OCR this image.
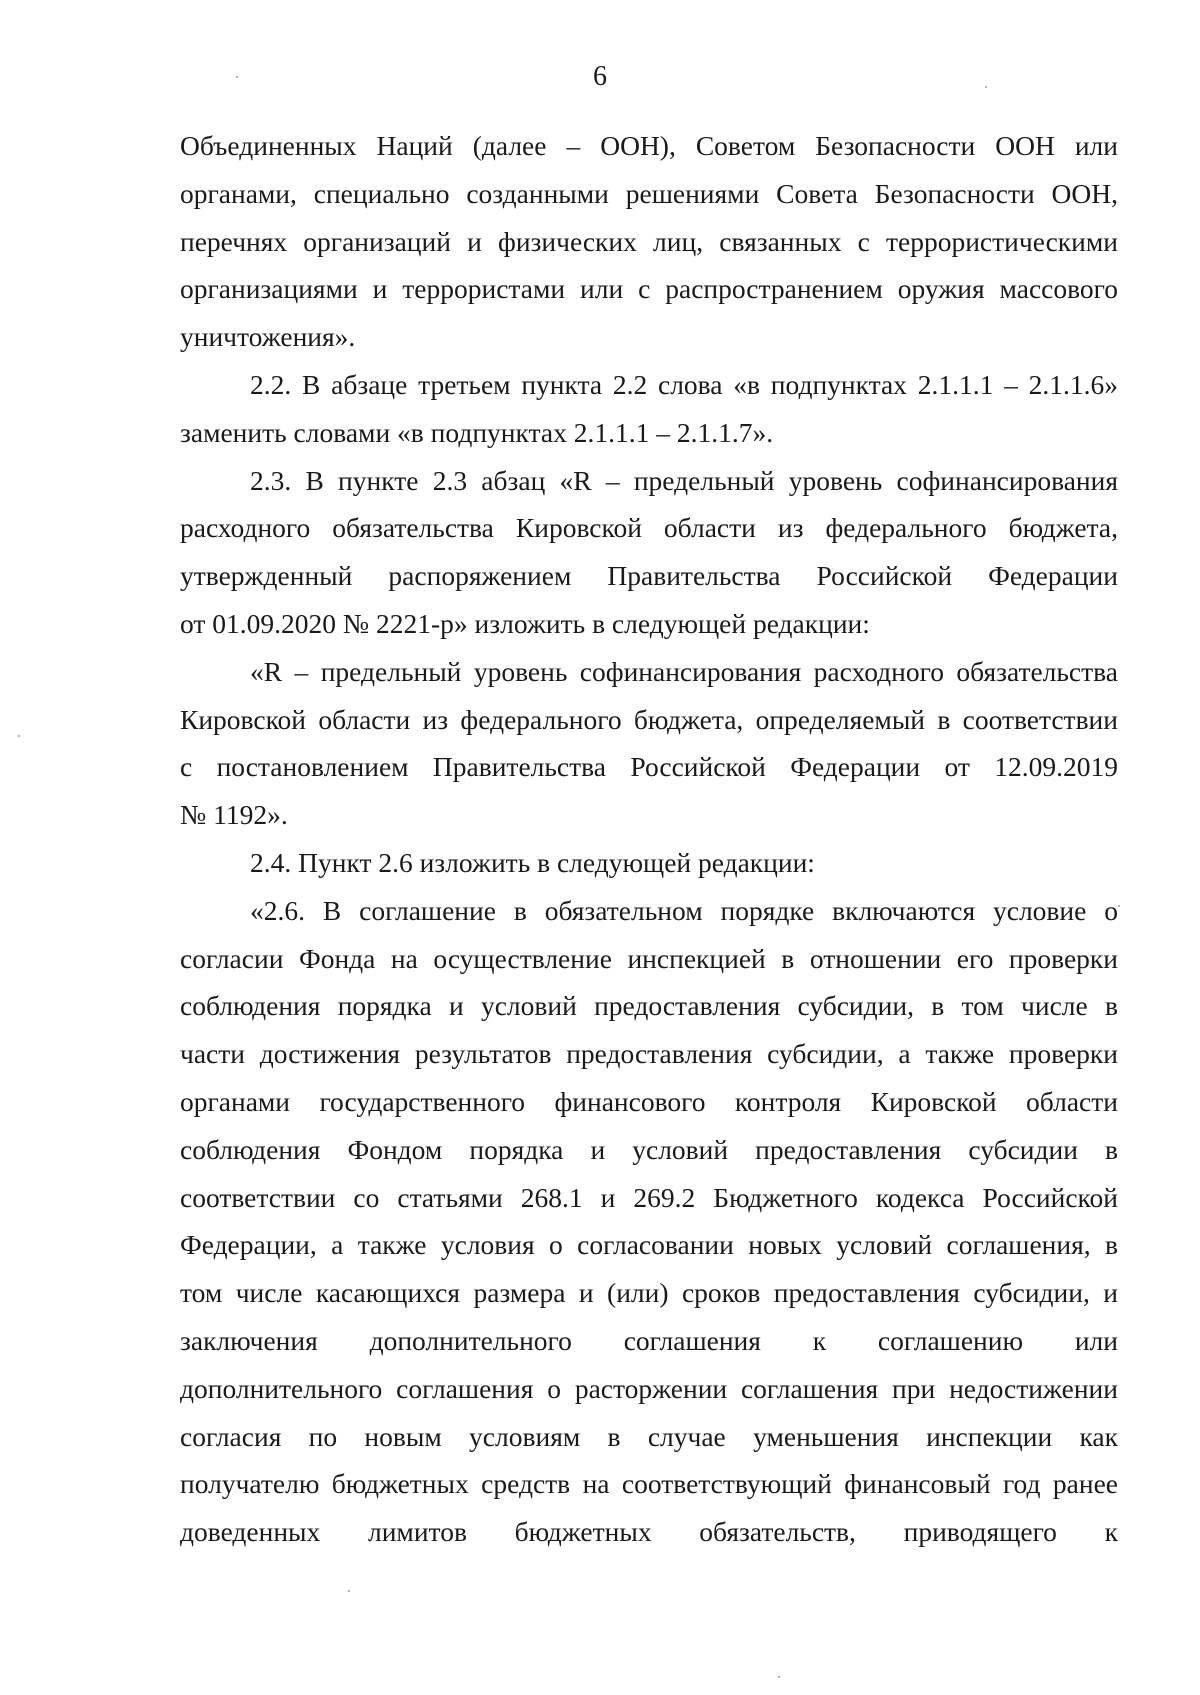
6
Объединенных Наций (далее – ООН), Советом Безопасности ООН или
органами, специально созданными решениями Совета Безопасности ООН,
перечнях организаций и физических лиц, связанных с террористическими
организациями и террористами или с распространением оружия массового
уничтожения».
2.2. В абзаце третьем пункта 2.2 слова «в подпунктах 2.1.1.1 – 2.1.1.6»
заменить словами «в подпунктах 2.1.1.1 – 2.1.1.7».
2.3. В пункте 2.3 абзац «R – предельный уровень софинансирования
расходного обязательства Кировской области из федерального бюджета,
утвержденный распоряжением Правительства Российской Федерации
от 01.09.2020 № 2221-р» изложить в следующей редакции:
«R – предельный уровень софинансирования расходного обязательства
Кировской области из федерального бюджета, определяемый в соответствии
с постановлением Правительства Российской Федерации от 12.09.2019
№ 1192».
2.4. Пункт 2.6 изложить в следующей редакции:
«2.6. В соглашение в обязательном порядке включаются условие о
согласии Фонда на осуществление инспекцией в отношении его проверки
соблюдения порядка и условий предоставления субсидии, в том числе в
части достижения результатов предоставления субсидии, а также проверки
органами государственного финансового контроля Кировской области
соблюдения Фондом порядка и условий предоставления субсидии в
соответствии со статьями 268.1 и 269.2 Бюджетного кодекса Российской
Федерации, а также условия о согласовании новых условий соглашения, в
том числе касающихся размера и (или) сроков предоставления субсидии, и
заключения дополнительного соглашения к соглашению или
дополнительного соглашения о расторжении соглашения при недостижении
согласия по новым условиям в случае уменьшения инспекции как
получателю бюджетных средств на соответствующий финансовый год ранее
доведенных лимитов бюджетных обязательств, приводящего к
